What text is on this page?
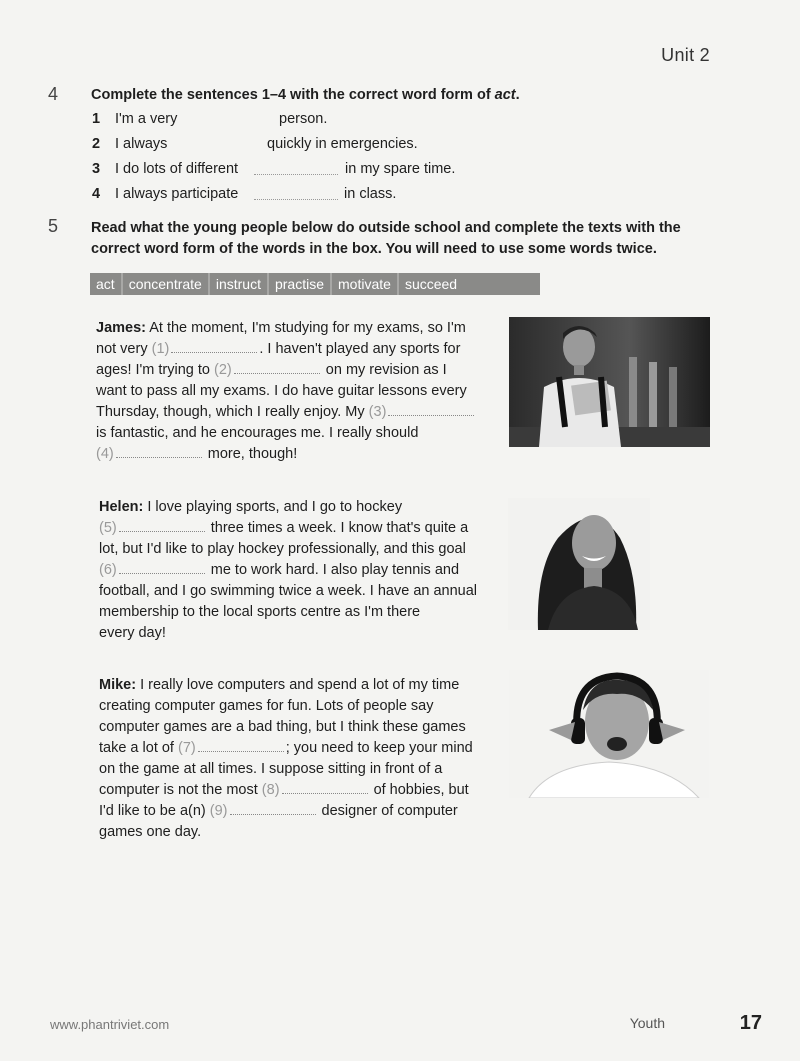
Unit 2
4 Complete the sentences 1–4 with the correct word form of act.
1 I'm a very	person.
2 I always	quickly in emergencies.
3 I do lots of different	in my spare time.
4 I always participate	in class.
5 Read what the young people below do outside school and complete the texts with the
correct word form of the words in the box. You will need to use some words twice.
act	concentrate	instruct	practise	motivate	succeed
James: At the moment, I'm studying for my exams, so I'm
not very (1)	. I haven't played any sports for
ages! I'm trying to (2)	on my revision as I
want to pass all my exams. I do have guitar lessons every
Thursday, though, which I really enjoy. My (3)
is fantastic, and he encourages me. I really should
(4)	more, though!
Helen: I love playing sports, and I go to hockey
(5)	three times a week. I know that's quite a
lot, but I'd like to play hockey professionally, and this goal
(6)	me to work hard. I also play tennis and
football, and I go swimming twice a week. I have an annual
membership to the local sports centre as I'm there
every day!
Mike: I really love computers and spend a lot of my time
creating computer games for fun. Lots of people say
computer games are a bad thing, but I think these games
take a lot of (7)	; you need to keep your mind
on the game at all times. I suppose sitting in front of a
computer is not the most (8)	of hobbies, but
I'd like to be a(n) (9)	designer of computer
games one day.
www.phantriviet.com	Youth	17
